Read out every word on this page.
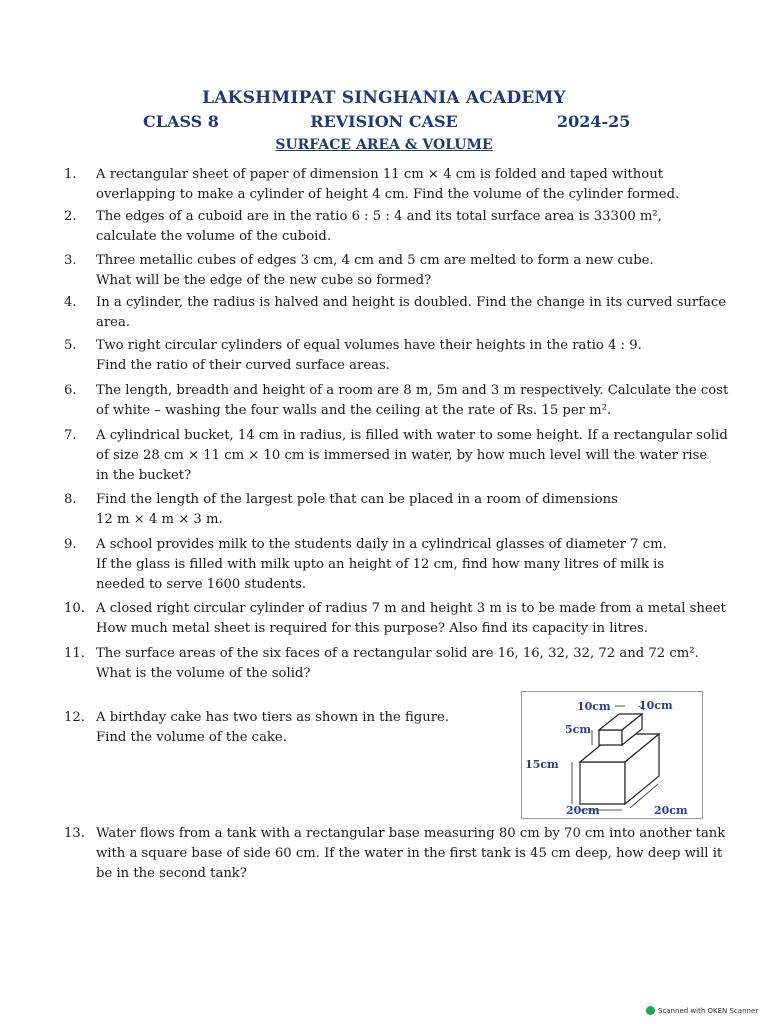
LAKSHMIPAT SINGHANIA ACADEMY
CLASS 8	REVISION CASE	2024-25
SURFACE AREA & VOLUME
1. A rectangular sheet of paper of dimension 11 cm × 4 cm is folded and taped without
overlapping to make a cylinder of height 4 cm. Find the volume of the cylinder formed.
2. The edges of a cuboid are in the ratio 6 : 5 : 4 and its total surface area is 33300 m²,
calculate the volume of the cuboid.
3. Three metallic cubes of edges 3 cm, 4 cm and 5 cm are melted to form a new cube.
What will be the edge of the new cube so formed?
4. In a cylinder, the radius is halved and height is doubled. Find the change in its curved surface
area.
5. Two right circular cylinders of equal volumes have their heights in the ratio 4 : 9.
Find the ratio of their curved surface areas.
6. The length, breadth and height of a room are 8 m, 5m and 3 m respectively. Calculate the cost
of white – washing the four walls and the ceiling at the rate of Rs. 15 per m².
7. A cylindrical bucket, 14 cm in radius, is filled with water to some height. If a rectangular solid
of size 28 cm × 11 cm × 10 cm is immersed in water, by how much level will the water rise
in the bucket?
8. Find the length of the largest pole that can be placed in a room of dimensions
12 m × 4 m × 3 m.
9. A school provides milk to the students daily in a cylindrical glasses of diameter 7 cm.
If the glass is filled with milk upto an height of 12 cm, find how many litres of milk is
needed to serve 1600 students.
10. A closed right circular cylinder of radius 7 m and height 3 m is to be made from a metal sheet
How much metal sheet is required for this purpose? Also find its capacity in litres.
11. The surface areas of the six faces of a rectangular solid are 16, 16, 32, 32, 72 and 72 cm².
What is the volume of the solid?
12. A birthday cake has two tiers as shown in the figure.
Find the volume of the cake.
13. Water flows from a tank with a rectangular base measuring 80 cm by 70 cm into another tank
with a square base of side 60 cm. If the water in the first tank is 45 cm deep, how deep will it
be in the second tank?
10cm	10cm
5cm
15cm
20cm	20cm
Scanned with OKEN Scanner
